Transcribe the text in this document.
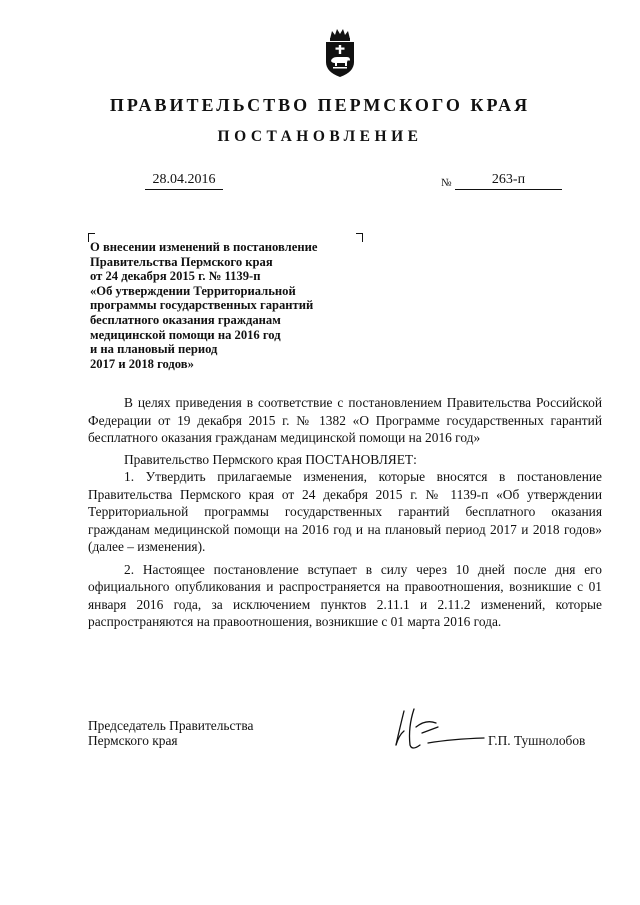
ПРАВИТЕЛЬСТВО ПЕРМСКОГО КРАЯ
ПОСТАНОВЛЕНИЕ
28.04.2016	№	263-п
О внесении изменений в постановление
Правительства Пермского края
от 24 декабря 2015 г. № 1139-п
«Об утверждении Территориальной
программы государственных гарантий
бесплатного оказания гражданам
медицинской помощи на 2016 год
и на плановый период
2017 и 2018 годов»

В целях приведения в соответствие с постановлением Правительства Российской Федерации от 19 декабря 2015 г. № 1382 «О Программе государственных гарантий бесплатного оказания гражданам медицинской помощи на 2016 год»

Правительство Пермского края ПОСТАНОВЛЯЕТ:

1. Утвердить прилагаемые изменения, которые вносятся в постановление Правительства Пермского края от 24 декабря 2015 г. № 1139-п «Об утверждении Территориальной программы государственных гарантий бесплатного оказания гражданам медицинской помощи на 2016 год и на плановый период 2017 и 2018 годов» (далее – изменения).

2. Настоящее постановление вступает в силу через 10 дней после дня его официального опубликования и распространяется на правоотношения, возникшие с 01 января 2016 года, за исключением пунктов 2.11.1 и 2.11.2 изменений, которые распространяются на правоотношения, возникшие с 01 марта 2016 года.

Председатель Правительства
Пермского края	Г.П. Тушнолобов
